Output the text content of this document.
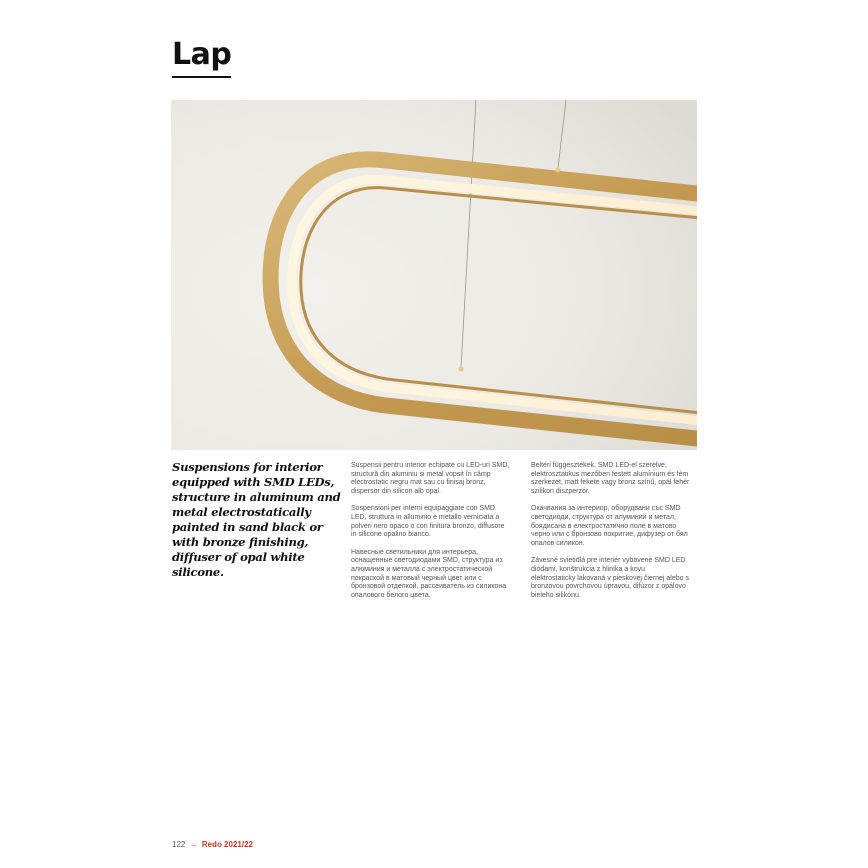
Lap
Suspensions for interior equipped with SMD LEDs, structure in aluminum and metal electrostatically painted in sand black or with bronze finishing, diffuser of opal white silicone.

Suspensii pentru interior echipate cu LED-uri SMD, structură din aluminiu și metal vopsit în câmp electrostatic negru mat sau cu finisaj bronz, dispersor din silicon alb opal.

Sospensioni per interni equipaggiate con SMD LED, struttura in alluminio e metallo verniciata a polveri nero opaco o con finitura bronzo, diffusore in silicone opalino bianco.

Навесные светильники для интерьера, оснащенные светодиодами SMD, структура из алюминия и металла с электростатической покраской в матовый черный цвет или с бронзовой отделкой, рассеиватель из силикона опалового белого цвета.

Beltéri függesztékek, SMD LED-el szerelve, elektrosztatikus mezőben festett alumínium és fém szerkezet, matt fekete vagy bronz színű, opál fehér szilikon diszperzór.

Окачвания за интериор, оборудвани със SMD светодиоди, структура от алуминий и метал, боядисана в електростатично поле в матово черно или с бронзово покритие, дифузер от бял опалов силикон.

Závesné svietidlá pre interiér vybavené SMD LED diódami, konštrukcia z hliníka a kovu elektrostaticky lakovaná v pieskovej čiernej alebo s bronzovou povrchovou úpravou, difúzor z opálovo bieleho silikónu.

122 → Redo 2021/22
